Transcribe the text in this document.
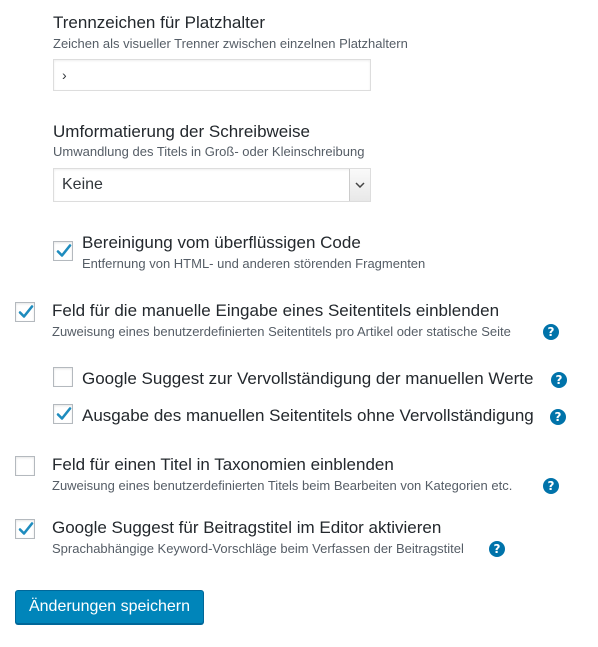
Trennzeichen für Platzhalter
Zeichen als visueller Trenner zwischen einzelnen Platzhaltern
›
Umformatierung der Schreibweise
Umwandlung des Titels in Groß- oder Kleinschreibung
Keine
Bereinigung vom überflüssigen Code
Entfernung von HTML- und anderen störenden Fragmenten
Feld für die manuelle Eingabe eines Seitentitels einblenden
Zuweisung eines benutzerdefinierten Seitentitels pro Artikel oder statische Seite	?
Google Suggest zur Vervollständigung der manuellen Werte	?
Ausgabe des manuellen Seitentitels ohne Vervollständigung	?
Feld für einen Titel in Taxonomien einblenden
Zuweisung eines benutzerdefinierten Titels beim Bearbeiten von Kategorien etc.	?
Google Suggest für Beitragstitel im Editor aktivieren
Sprachabhängige Keyword-Vorschläge beim Verfassen der Beitragstitel	?
Änderungen speichern
